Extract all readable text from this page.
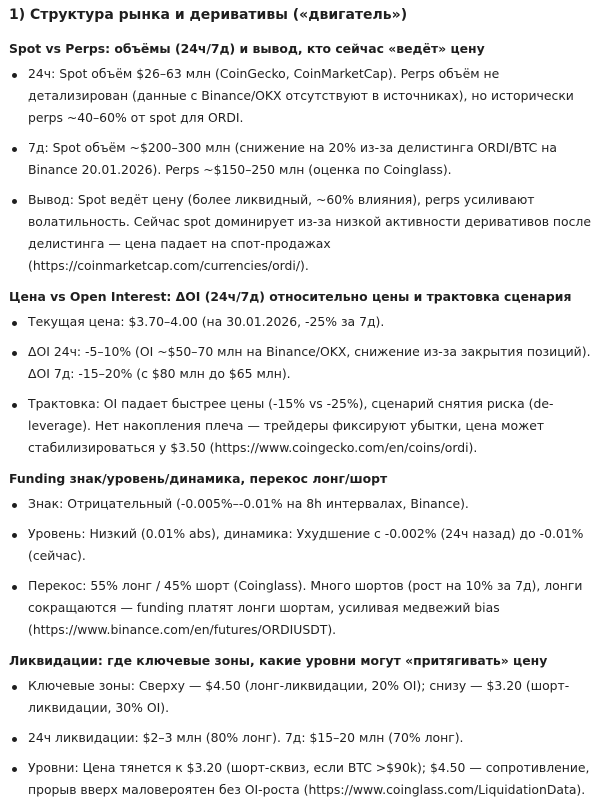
1) Структура рынка и деривативы («двигатель»)
Spot vs Perps: объёмы (24ч/7д) и вывод, кто сейчас «ведёт» цену
24ч: Spot объём $26–63 млн (CoinGecko, CoinMarketCap). Perps объём не детализирован (данные с Binance/OKX отсутствуют в источниках), но исторически perps ~40–60% от spot для ORDI.
7д: Spot объём ~$200–300 млн (снижение на 20% из-за делистинга ORDI/BTC на Binance 20.01.2026). Perps ~$150–250 млн (оценка по Coinglass).
Вывод: Spot ведёт цену (более ликвидный, ~60% влияния), perps усиливают волатильность. Сейчас spot доминирует из-за низкой активности деривативов после делистинга — цена падает на спот-продажах (https://coinmarketcap.com/currencies/ordi/).
Цена vs Open Interest: ΔOI (24ч/7д) относительно цены и трактовка сценария
Текущая цена: $3.70–4.00 (на 30.01.2026, -25% за 7д).
ΔOI 24ч: -5–10% (OI ~$50–70 млн на Binance/OKX, снижение из-за закрытия позиций).
ΔOI 7д: -15–20% (с $80 млн до $65 млн).
Трактовка: OI падает быстрее цены (-15% vs -25%), сценарий снятия риска (de-leverage). Нет накопления плеча — трейдеры фиксируют убытки, цена может стабилизироваться у $3.50 (https://www.coingecko.com/en/coins/ordi).
Funding знак/уровень/динамика, перекос лонг/шорт
Знак: Отрицательный (-0.005%–-0.01% на 8h интервалах, Binance).
Уровень: Низкий (0.01% abs), динамика: Ухудшение с -0.002% (24ч назад) до -0.01% (сейчас).
Перекос: 55% лонг / 45% шорт (Coinglass). Много шортов (рост на 10% за 7д), лонги сокращаются — funding платят лонги шортам, усиливая медвежий bias (https://www.binance.com/en/futures/ORDIUSDT).
Ликвидации: где ключевые зоны, какие уровни могут «притягивать» цену
Ключевые зоны: Сверху — $4.50 (лонг-ликвидации, 20% OI); снизу — $3.20 (шорт-ликвидации, 30% OI).
24ч ликвидации: $2–3 млн (80% лонг). 7д: $15–20 млн (70% лонг).
Уровни: Цена тянется к $3.20 (шорт-сквиз, если BTC >$90k); $4.50 — сопротивление, прорыв вверх маловероятен без OI-роста (https://www.coinglass.com/LiquidationData).
